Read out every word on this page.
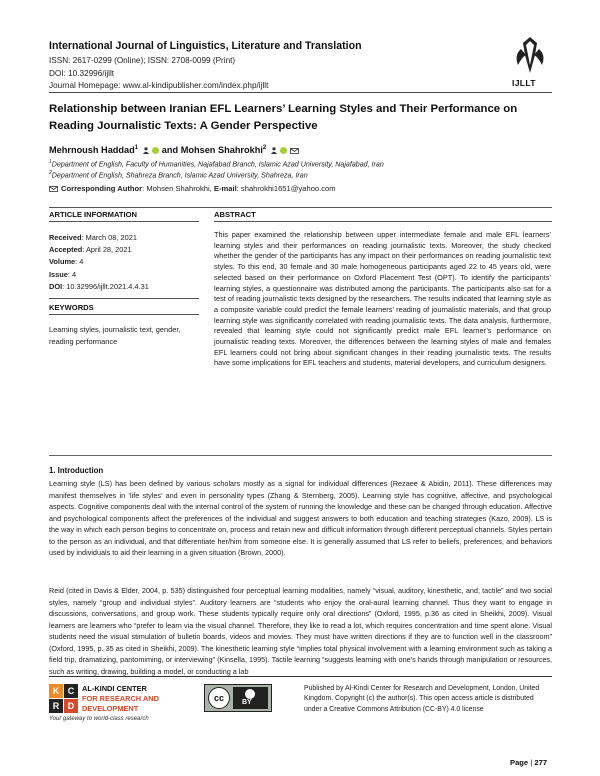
International Journal of Linguistics, Literature and Translation
ISSN: 2617-0299 (Online); ISSN: 2708-0099 (Print)
DOI: 10.32996/ijllt
Journal Homepage: www.al-kindipublisher.com/index.php/ijllt	IJLLT
Relationship between Iranian EFL Learners’ Learning Styles and Their Performance on Reading Journalistic Texts: A Gender Perspective
Mehrnoush Haddad$^1$	and Mohsen Shahrokhi$^2$
$^1$Department of English, Faculty of Humanities, Najafabad Branch, Islamic Azad University, Najafabad, Iran
$^2$Department of English, Shahreza Branch, Islamic Azad University, Shahreza, Iran
Corresponding Author: Mohsen Shahrokhi, E-mail: shahrokhi1651@yahoo.com
ARTICLE INFORMATION	ABSTRACT
Received: March 08, 2021
Accepted: April 28, 2021
Volume: 4
Issue: 4
DOI: 10.32996/ijllt.2021.4.4.31
KEYWORDS
Learning styles, journalistic text, gender, reading performance
This paper examined the relationship between upper intermediate female and male EFL learners’ learning styles and their performances on reading journalistic texts. Moreover, the study checked whether the gender of the participants has any impact on their performances on reading journalistic text styles. To this end, 30 female and 30 male homogeneous participants aged 22 to 45 years old, were selected based on their performance on Oxford Placement Test (OPT). To identify the participants’ learning styles, a questionnaire was distributed among the participants. The participants also sat for a test of reading journalistic texts designed by the researchers. The results indicated that learning style as a composite variable could predict the female learners’ reading of journalistic materials, and that group learning style was significantly correlated with reading journalistic texts. The data analysis, furthermore, revealed that learning style could not significantly predict male EFL learner’s performance on journalistic reading texts. Moreover, the differences between the learning styles of male and females EFL learners could not bring about significant changes in their reading journalistic texts. The results have some implications for EFL teachers and students, material developers, and curriculum designers.
1. Introduction
Learning style (LS) has been defined by various scholars mostly as a signal for individual differences (Rezaee & Abidin, 2011). These differences may manifest themselves in ‘life styles’ and even in personality types (Zhang & Sternberg, 2005). Learning style has cognitive, affective, and psychological aspects. Cognitive components deal with the internal control of the system of running the knowledge and these can be changed through education. Affective and psychological components affect the preferences of the individual and suggest answers to both education and teaching strategies (Kazo, 2009). LS is the way in which each person begins to concentrate on, process and retain new and difficult information through different perceptual channels. Styles pertain to the person as an individual, and that differentiate her/him from someone else. It is generally assumed that LS refer to beliefs, preferences, and behaviors used by individuals to aid their learning in a given situation (Brown, 2000).
Reid (cited in Davis & Elder, 2004, p. 535) distinguished four perceptual learning modalities, namely “visual, auditory, kinesthetic, and, tactile” and two social styles, namely “group and individual styles”. Auditory learners are “students who enjoy the oral-aural learning channel. Thus they want to engage in discussions, conversations, and group work. These students typically require only oral directions” (Oxford, 1995, p.36 as cited in Sheikhi, 2009). Visual learners are learners who “prefer to learn via the visual channel. Therefore, they like to read a lot, which requires concentration and time spent alone. Visual students need the visual stimulation of bulletin boards, videos and movies. They must have written directions if they are to function well in the classroom” (Oxford, 1995, p. 35 as cited in Sheikhi, 2009). The kinesthetic learning style “implies total physical involvement with a learning environment such as taking a field trip, dramatizing, pantomiming, or interviewing” (Kinsella, 1995). Tactile learning “suggests learning with one’s hands through manipulation or resources, such as writing, drawing, building a model, or conducting a lab
K C
R D
AL-KINDI CENTER
FOR RESEARCH AND
DEVELOPMENT
Your gateway to world-class research
cc	BY
Published by Al-Kindi Center for Research and Development, London, United Kingdom. Copyright (c) the author(s). This open access article is distributed under a Creative Commons Attribution (CC-BY) 4.0 license
Page | 277
